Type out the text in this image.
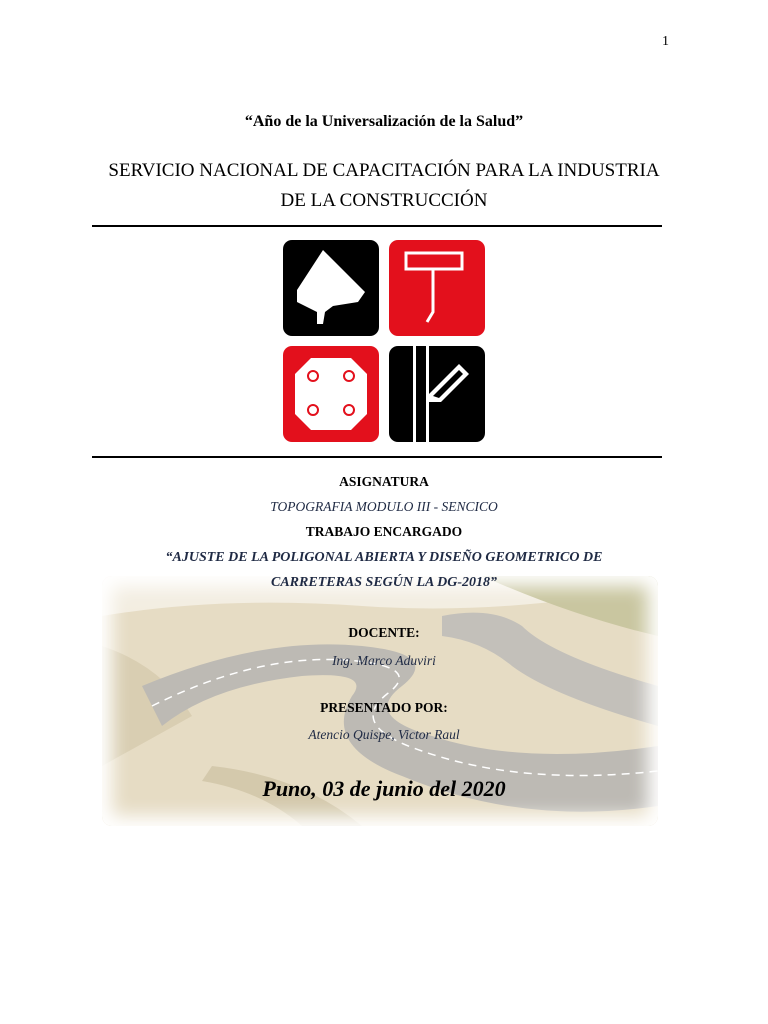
1
“Año de la Universalización de la Salud”
SERVICIO NACIONAL DE CAPACITACIÓN PARA LA INDUSTRIA
DE LA CONSTRUCCIÓN
ASIGNATURA
TOPOGRAFIA MODULO III - SENCICO
TRABAJO ENCARGADO
“AJUSTE DE LA POLIGONAL ABIERTA Y DISEÑO GEOMETRICO DE
CARRETERAS SEGÚN LA DG-2018”
DOCENTE:
Ing. Marco Aduviri
PRESENTADO POR:
Atencio Quispe, Victor Raul
Puno, 03 de junio del 2020
